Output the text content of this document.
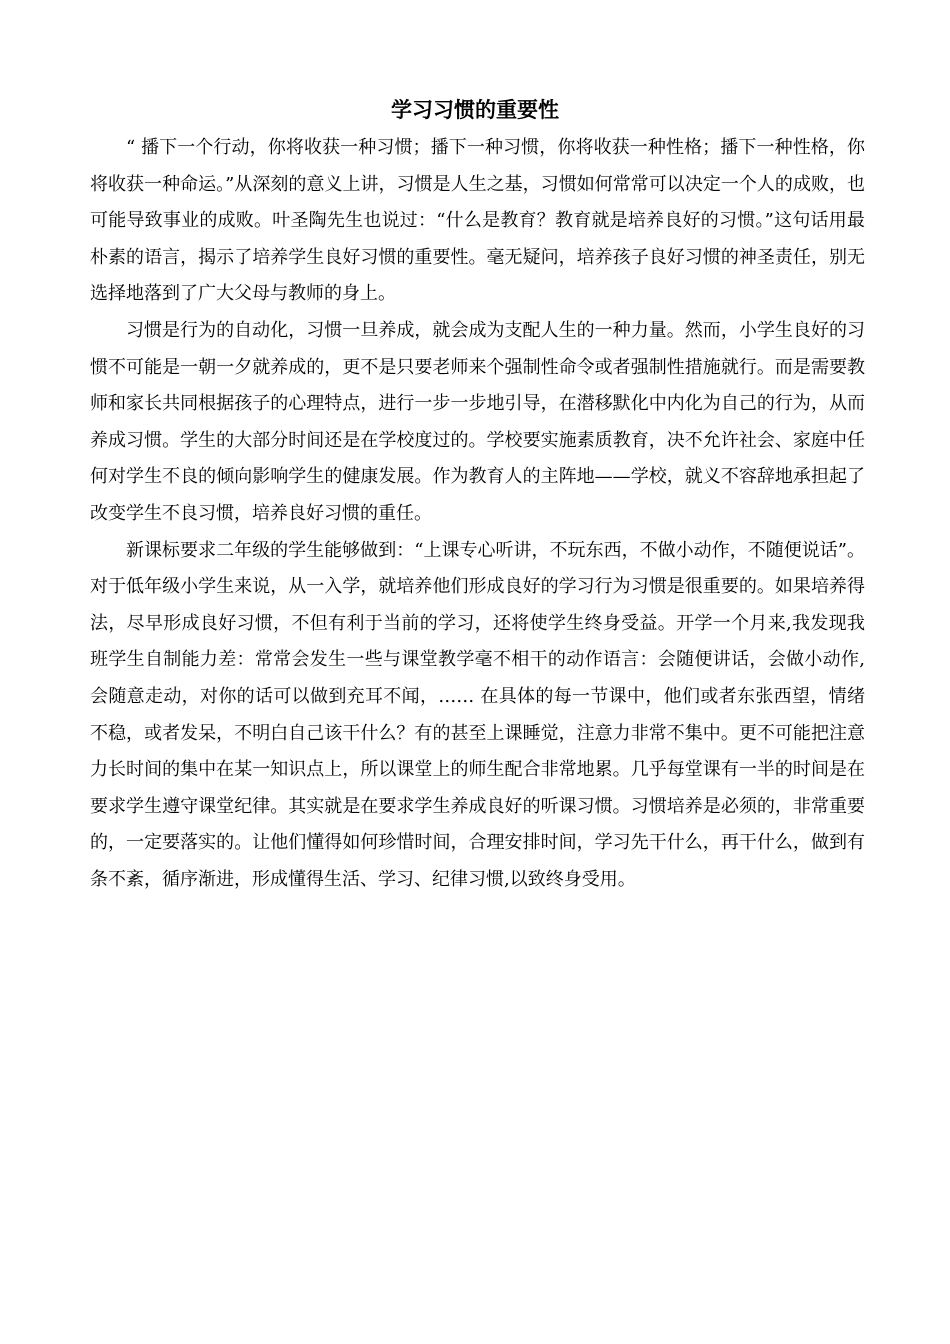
学习习惯的重要性

“ 播下一个行动，你将收获一种习惯；播下一种习惯，你将收获一种性格；播下一种性格，你将收获一种命运。”从深刻的意义上讲，习惯是人生之基，习惯如何常常可以决定一个人的成败，也可能导致事业的成败。叶圣陶先生也说过：“什么是教育？教育就是培养良好的习惯。”这句话用最朴素的语言，揭示了培养学生良好习惯的重要性。毫无疑问，培养孩子良好习惯的神圣责任，别无选择地落到了广大父母与教师的身上。

习惯是行为的自动化，习惯一旦养成，就会成为支配人生的一种力量。然而，小学生良好的习惯不可能是一朝一夕就养成的，更不是只要老师来个强制性命令或者强制性措施就行。而是需要教师和家长共同根据孩子的心理特点，进行一步一步地引导，在潜移默化中内化为自己的行为，从而养成习惯。学生的大部分时间还是在学校度过的。学校要实施素质教育，决不允许社会、家庭中任何对学生不良的倾向影响学生的健康发展。作为教育人的主阵地——学校，就义不容辞地承担起了改变学生不良习惯，培养良好习惯的重任。

新课标要求二年级的学生能够做到：“上课专心听讲，不玩东西，不做小动作，不随便说话”。对于低年级小学生来说，从一入学，就培养他们形成良好的学习行为习惯是很重要的。如果培养得法，尽早形成良好习惯，不但有利于当前的学习，还将使学生终身受益。开学一个月来,我发现我班学生自制能力差：常常会发生一些与课堂教学毫不相干的动作语言：会随便讲话，会做小动作,会随意走动，对你的话可以做到充耳不闻，…… 在具体的每一节课中，他们或者东张西望，情绪不稳，或者发呆，不明白自己该干什么？有的甚至上课睡觉，注意力非常不集中。更不可能把注意力长时间的集中在某一知识点上，所以课堂上的师生配合非常地累。几乎每堂课有一半的时间是在要求学生遵守课堂纪律。其实就是在要求学生养成良好的听课习惯。习惯培养是必须的，非常重要的，一定要落实的。让他们懂得如何珍惜时间，合理安排时间，学习先干什么，再干什么，做到有条不紊，循序渐进，形成懂得生活、学习、纪律习惯,以致终身受用。
